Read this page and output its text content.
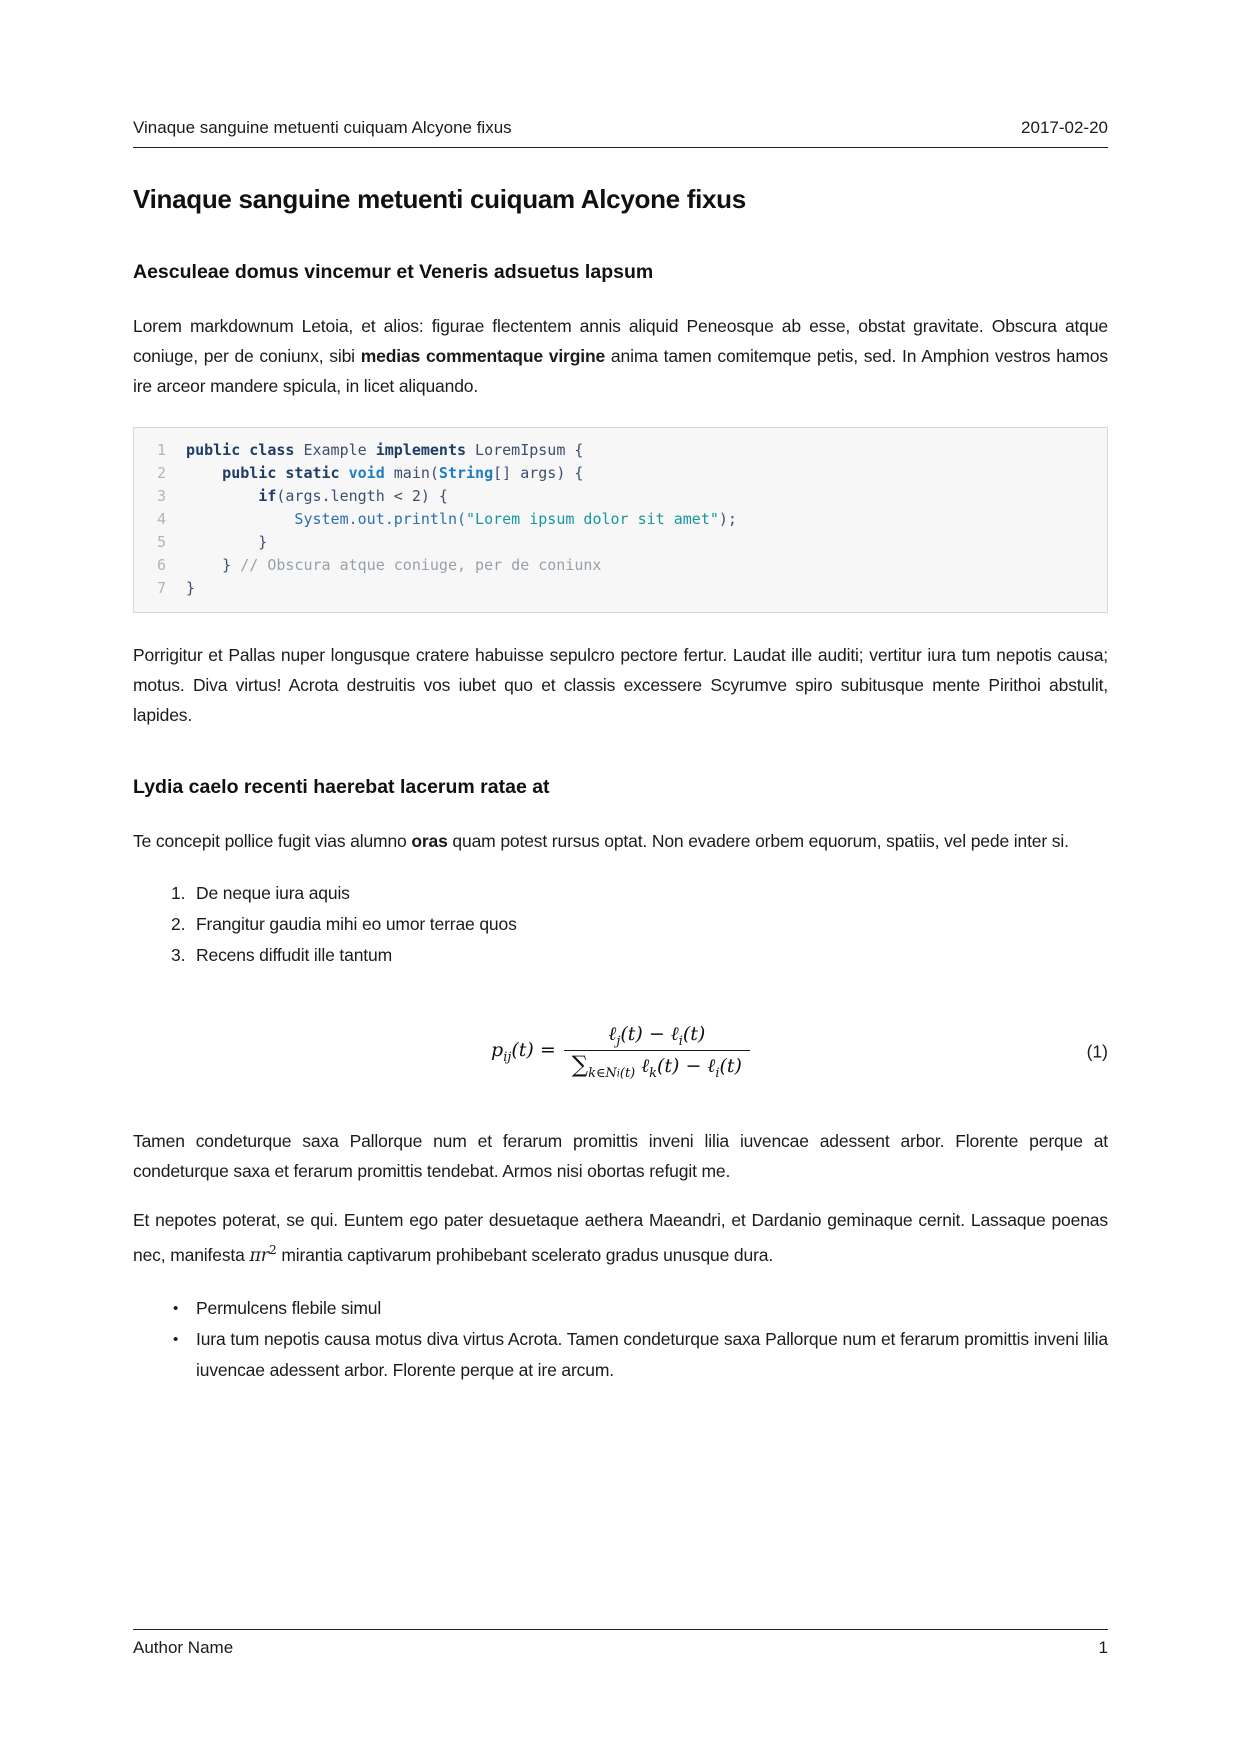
Vinaque sanguine metuenti cuiquam Alcyone fixus	2017-02-20
Vinaque sanguine metuenti cuiquam Alcyone fixus
Aesculeae domus vincemur et Veneris adsuetus lapsum

Lorem markdownum Letoia, et alios: figurae flectentem annis aliquid Peneosque ab esse, obstat gravitate. Obscura atque coniuge, per de coniunx, sibi medias commentaque virgine anima tamen comitemque petis, sed. In Amphion vestros hamos ire arceor mandere spicula, in licet aliquando.

1 public class Example implements LoremIpsum {
2	public static void main(String[] args) {
3	if(args.length < 2) {
4	System.out.println("Lorem ipsum dolor sit amet");
5        }
6    } // Obscura atque coniuge, per de coniunx
7 }

Porrigitur et Pallas nuper longusque cratere habuisse sepulcro pectore fertur. Laudat ille auditi; vertitur iura tum nepotis causa; motus. Diva virtus! Acrota destruitis vos iubet quo et classis excessere Scyrumve spiro subitusque mente Pirithoi abstulit, lapides.

Lydia caelo recenti haerebat lacerum ratae at

Te concepit pollice fugit vias alumno oras quam potest rursus optat. Non evadere orbem equorum, spatiis, vel pede inter si.

1. De neque iura aquis
2. Frangitur gaudia mihi eo umor terrae quos
3. Recens diffudit ille tantum
$p_{ij}(t) = \frac{\ell_j(t) - \ell_i(t)}{\sum_{k\in Ni(t)} \ell_k(t) - \ell_i(t)}$	(1)

Tamen condeturque saxa Pallorque num et ferarum promittis inveni lilia iuvencae adessent arbor. Florente perque at condeturque saxa et ferarum promittis tendebat. Armos nisi obortas refugit me.

Et nepotes poterat, se qui. Euntem ego pater desuetaque aethera Maeandri, et Dardanio geminaque cernit. Lassaque poenas nec, manifesta $\pi r^2$ mirantia captivarum prohibebant scelerato gradus unusque dura.

• Permulcens flebile simul
• Iura tum nepotis causa motus diva virtus Acrota. Tamen condeturque saxa Pallorque num et ferarum promittis inveni lilia iuvencae adessent arbor. Florente perque at ire arcum.
Author Name	1
